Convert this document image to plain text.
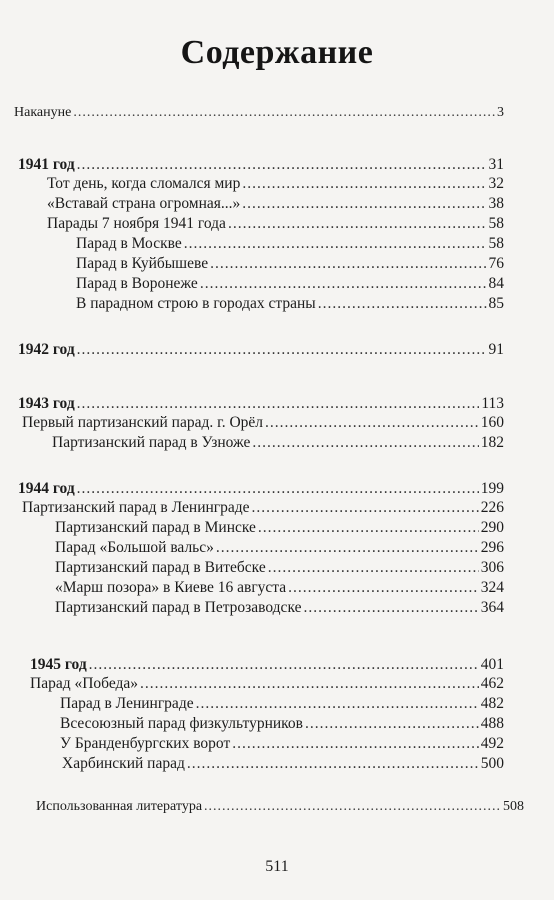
Содержание
Накануне .....	3
1941 год .....	31
Тот день, когда сломался мир .....	32
«Вставай страна огромная...» .....	38
Парады 7 ноября 1941 года .....	58
Парад в Москве .....	58
Парад в Куйбышеве .....	76
Парад в Воронеже .....	84
В парадном строю в городах страны .....	85
1942 год .....	91
1943 год .....	113
Первый партизанский парад. г. Орёл .....	160
Партизанский парад в Узноже .....	182
1944 год .....	199
Партизанский парад в Ленинграде .....	226
Партизанский парад в Минске .....	290
Парад «Большой вальс» .....	296
Партизанский парад в Витебске .....	306
«Марш позора» в Киеве 16 августа .....	324
Партизанский парад в Петрозаводске .....	364
1945 год .....	401
Парад «Победа» .....	462
Парад в Ленинграде .....	482
Всесоюзный парад физкультурников .....	488
У Бранденбургских ворот .....	492
Харбинский парад .....	500
Использованная литература .....	508
511
